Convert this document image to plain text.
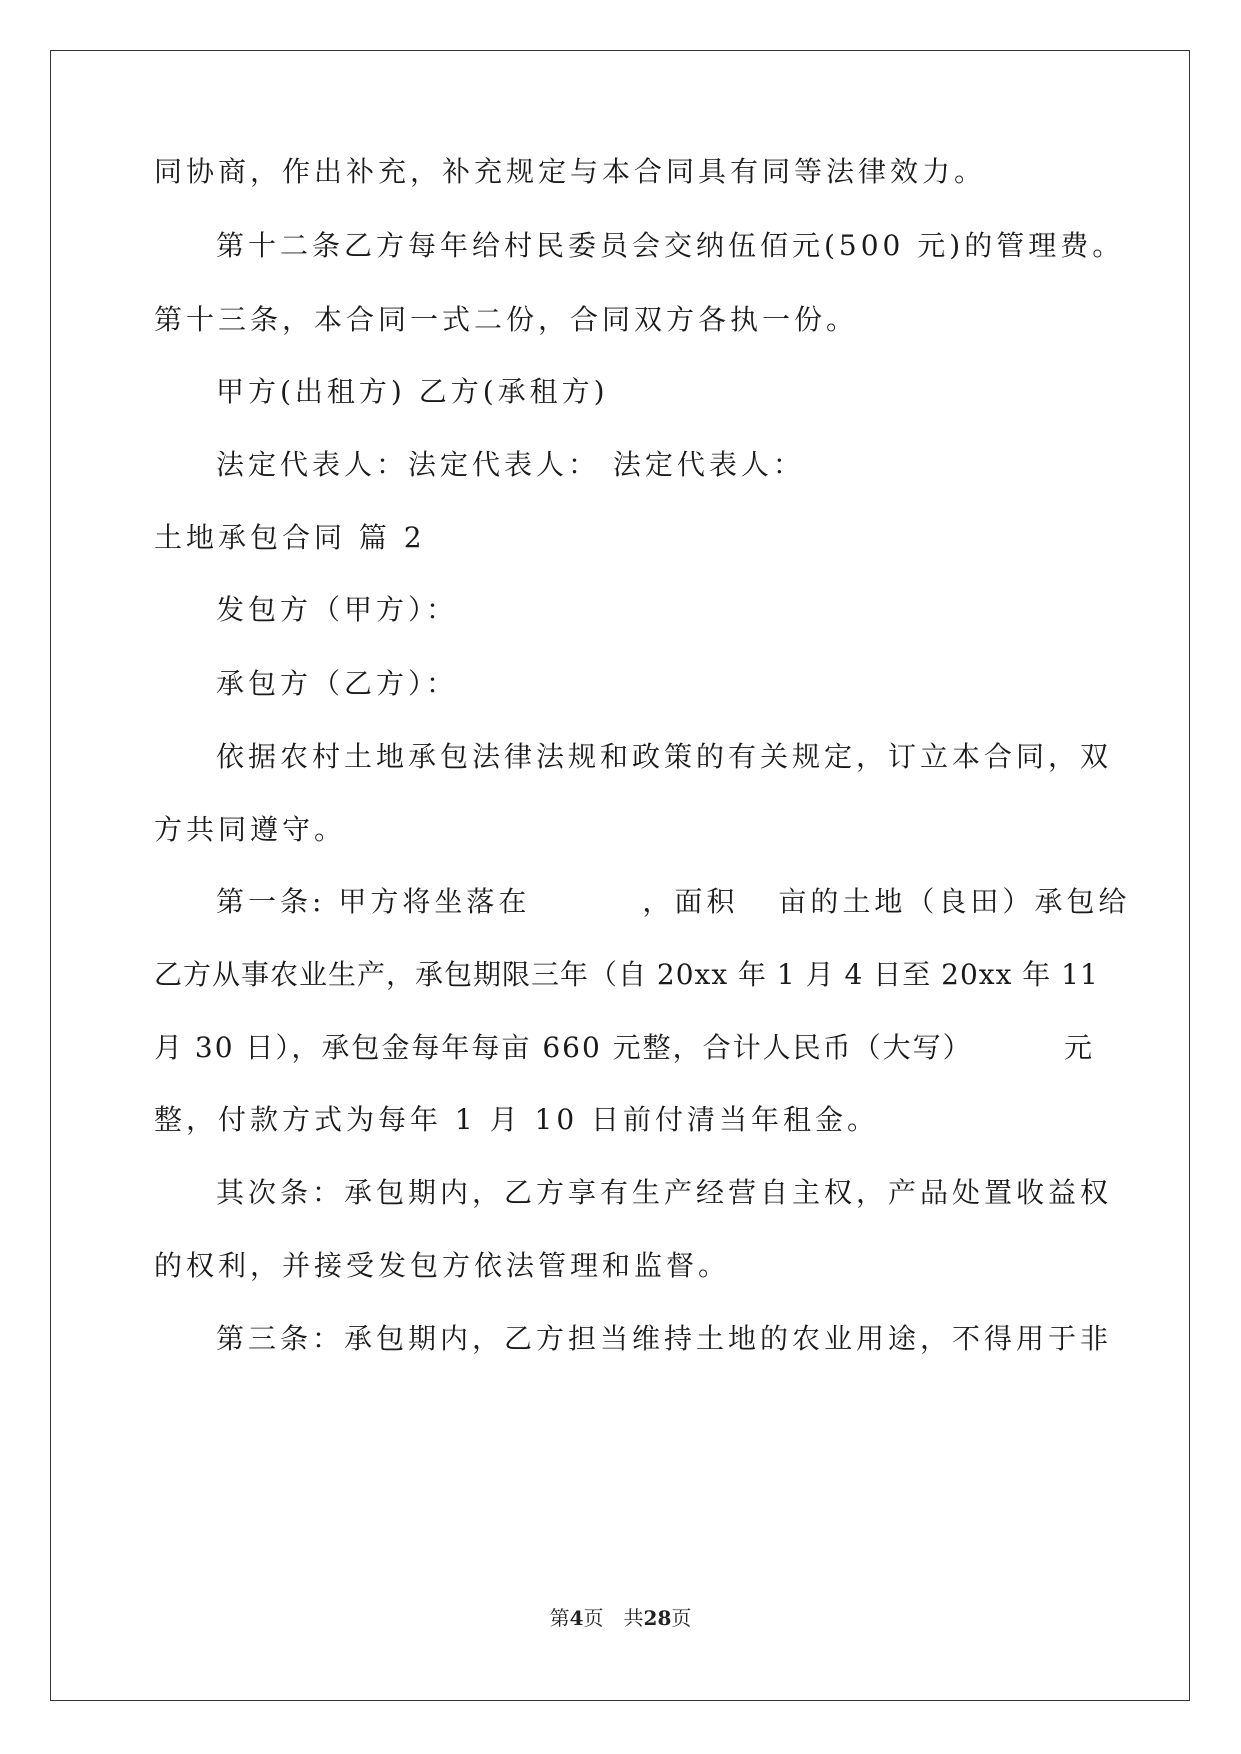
同协商，作出补充，补充规定与本合同具有同等法律效力。
第十二条乙方每年给村民委员会交纳伍佰元(500 元)的管理费。
第十三条，本合同一式二份，合同双方各执一份。
甲方(出租方) 乙方(承租方)
法定代表人：法定代表人： 法定代表人：
土地承包合同 篇 2
发包方（甲方）：
承包方（乙方）：
依据农村土地承包法律法规和政策的有关规定，订立本合同，双
方共同遵守。
第一条: 甲方将坐落在	，面积 亩的土地（良田）承包给
乙方从事农业生产，承包期限三年（自 20xx 年 1 月 4 日至 20xx 年 11
月 30 日），承包金每年每亩 660 元整，合计人民币（大写）	元
整，付款方式为每年 1 月 10 日前付清当年租金。
其次条：承包期内，乙方享有生产经营自主权，产品处置收益权
的权利，并接受发包方依法管理和监督。
第三条：承包期内，乙方担当维持土地的农业用途，不得用于非
第4页　共28页
